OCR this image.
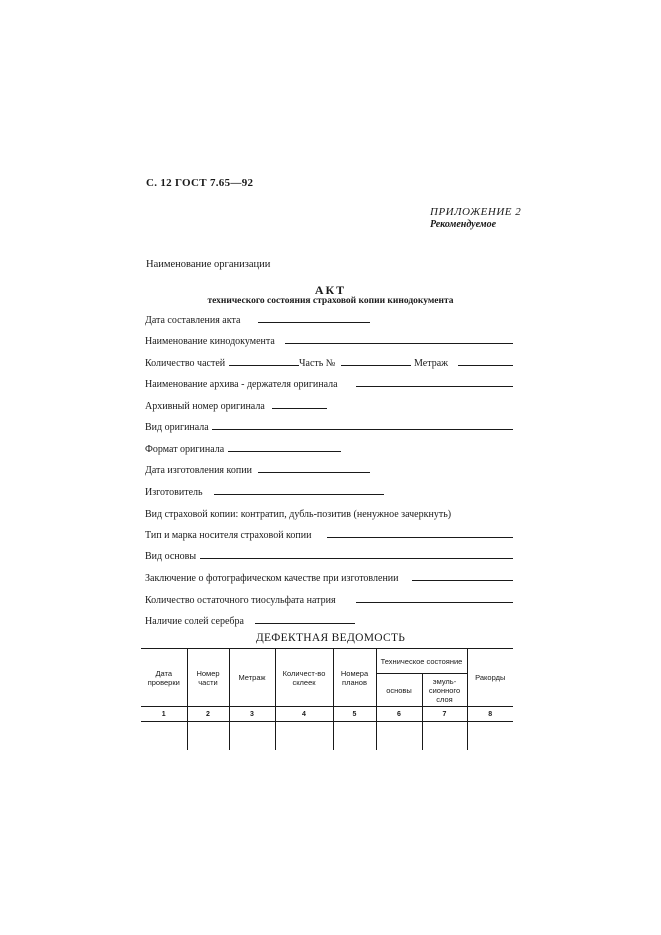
С. 12 ГОСТ 7.65—92
ПРИЛОЖЕНИЕ 2
Рекомендуемое
Наименование организации
АКТ
технического состояния страховой копии кинодокумента
Дата составления акта
Наименование кинодокумента
Количество частей	Часть №	Метраж
Наименование архива - держателя оригинала
Архивный номер оригинала
Вид оригинала
Формат оригинала
Дата изготовления копии
Изготовитель
Вид страховой копии: контратип, дубль-позитив (ненужное зачеркнуть)
Тип и марка носителя страховой копии
Вид основы
Заключение о фотографическом качестве при изготовлении
Количество остаточного тиосульфата натрия
Наличие солей серебра
ДЕФЕКТНАЯ ВЕДОМОСТЬ
Дата проверки	Номер части	Метраж	Количест-во склеек	Номера планов	Техническое состояние		Ракорды
					основы	эмуль-сионного слоя	
1	2	3	4	5	6	7	8
